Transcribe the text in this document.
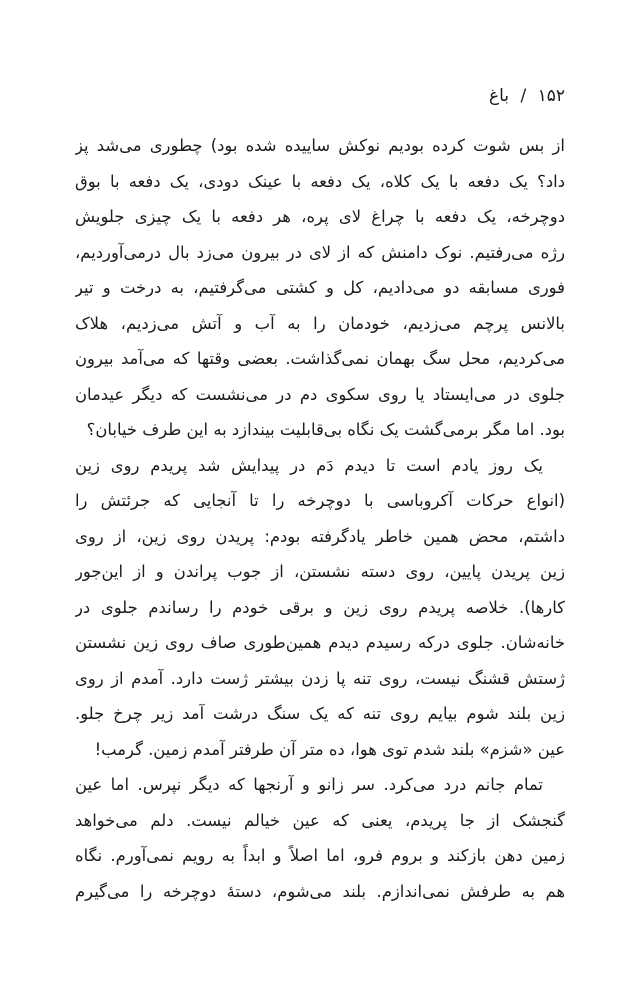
۱۵۲ / باغ
از بس شوت کرده بودیم نوکش ساییده شده بود) چطوری می‌شد پز
داد؟ یک دفعه با یک کلاه، یک دفعه با عینک دودی، یک دفعه با بوق
دوچرخه، یک دفعه با چراغ لای پره، هر دفعه با یک چیزی جلویش
رژه می‌رفتیم. نوک دامنش که از لای در بیرون می‌زد بال درمی‌آوردیم،
فوری مسابقه دو می‌دادیم، کل و کشتی می‌گرفتیم، به درخت و تیر
بالانس پرچم می‌زدیم، خودمان را به آب و آتش می‌زدیم، هلاک
می‌کردیم، محل سگ بهمان نمی‌گذاشت. بعضی وقتها که می‌آمد بیرون
جلوی در می‌ایستاد یا روی سکوی دم در می‌نشست که دیگر عیدمان
بود. اما مگر برمی‌گشت یک نگاه بی‌قابلیت بیندازد به این طرف خیابان؟
یک روز یادم است تا دیدم دَم در پیدایش شد پریدم روی زین
(انواع حرکات آکروباسی با دوچرخه را تا آنجایی که جرئتش را
داشتم، محض همین خاطر یادگرفته بودم: پریدن روی زین، از روی
زین پریدن پایین، روی دسته نشستن، از جوب پراندن و از این‌جور
کارها). خلاصه پریدم روی زین و برقی خودم را رساندم جلوی در
خانه‌شان. جلوی درکه رسیدم دیدم همین‌طوری صاف روی زین نشستن
ژستش قشنگ نیست، روی تنه پا زدن بیشتر ژست دارد. آمدم از روی
زین بلند شوم بیایم روی تنه که یک سنگ درشت آمد زیر چرخ جلو.
عین «شزم» بلند شدم توی هوا، ده متر آن طرفتر آمدم زمین. گرمب!
تمام جانم درد می‌کرد. سر زانو و آرنجها که دیگر نپرس. اما عین
گنجشک از جا پریدم، یعنی که عین خیالم نیست. دلم می‌خواهد
زمین دهن بازکند و بروم فرو، اما اصلاً و ابداً به رویم نمی‌آورم. نگاه
هم به طرفش نمی‌اندازم. بلند می‌شوم، دستهٔ دوچرخه را می‌گیرم
